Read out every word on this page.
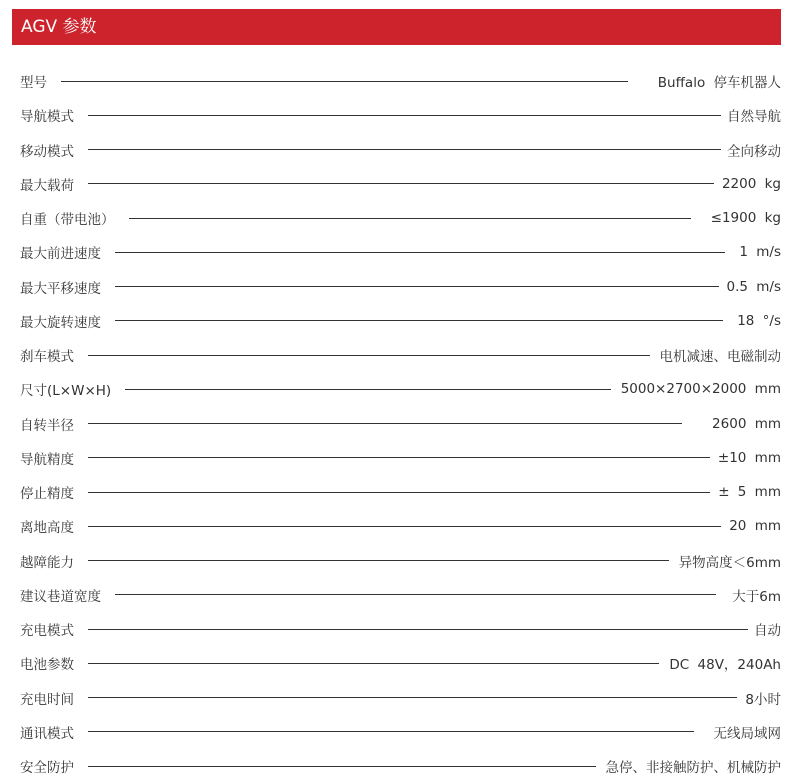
AGV 参数
型号	Buffalo 停车机器人
导航模式	自然导航
移动模式	全向移动
最大载荷	2200 kg
自重（带电池）	≤1900 kg
最大前进速度	1 m/s
最大平移速度	0.5 m/s
最大旋转速度	18 °/s
刹车模式	电机减速、电磁制动
尺寸(L×W×H)	5000×2700×2000 mm
自转半径	2600 mm
导航精度	±10 mm
停止精度	± 5 mm
离地高度	20 mm
越障能力	异物高度＜6mm
建议巷道宽度	大于6m
充电模式	自动
电池参数	DC 48V，240Ah
充电时间	8小时
通讯模式	无线局域网
安全防护	急停、非接触防护、机械防护
